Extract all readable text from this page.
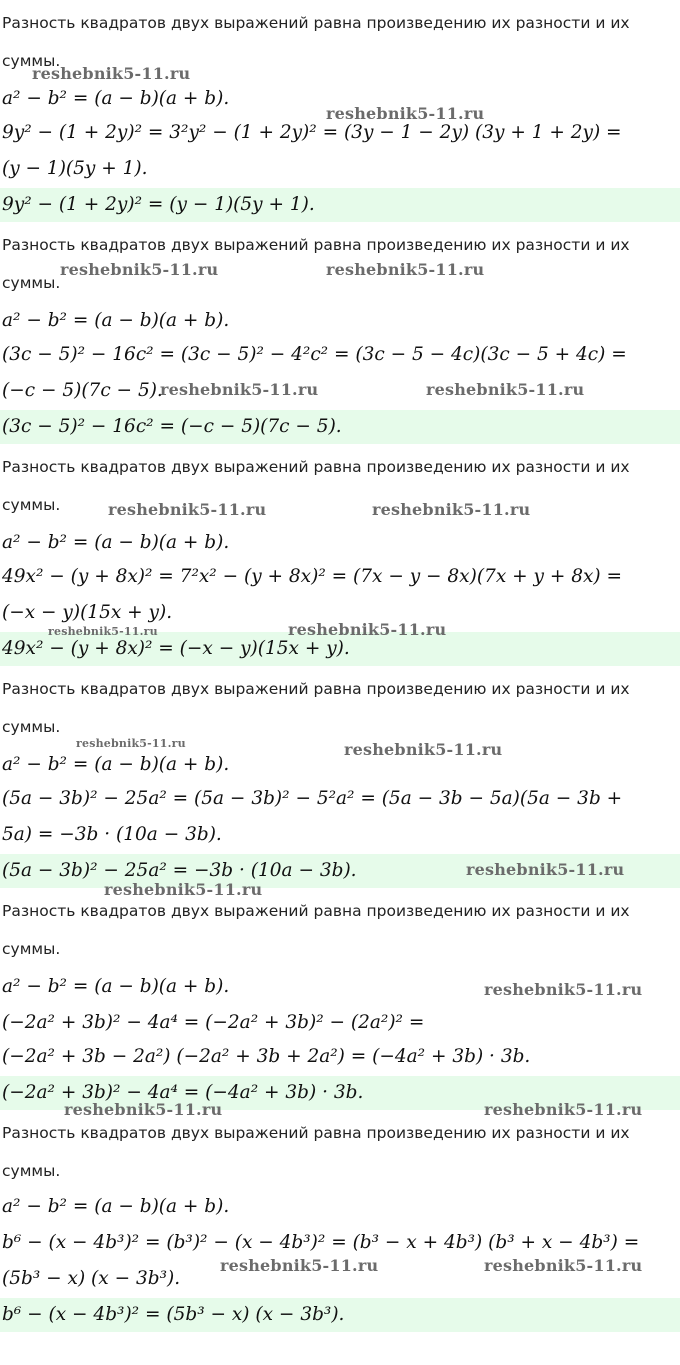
Разность квадратов двух выражений равна произведению их разности и их суммы.
a² − b² = (a − b)(a + b).
9y² − (1 + 2y)² = 3²y² − (1 + 2y)² = (3y − 1 − 2y) (3y + 1 + 2y) =
(y − 1)(5y + 1).
9y² − (1 + 2y)² = (y − 1)(5y + 1).
Разность квадратов двух выражений равна произведению их разности и их суммы.
a² − b² = (a − b)(a + b).
(3c − 5)² − 16c² = (3c − 5)² − 4²c² = (3c − 5 − 4c)(3c − 5 + 4c) =
(−c − 5)(7c − 5).
(3c − 5)² − 16c² = (−c − 5)(7c − 5).
Разность квадратов двух выражений равна произведению их разности и их суммы.
a² − b² = (a − b)(a + b).
49x² − (y + 8x)² = 7²x² − (y + 8x)² = (7x − y − 8x)(7x + y + 8x) =
(−x − y)(15x + y).
49x² − (y + 8x)² = (−x − y)(15x + y).
Разность квадратов двух выражений равна произведению их разности и их суммы.
a² − b² = (a − b)(a + b).
(5a − 3b)² − 25a² = (5a − 3b)² − 5²a² = (5a − 3b − 5a)(5a − 3b +
5a) = −3b · (10a − 3b).
(5a − 3b)² − 25a² = −3b · (10a − 3b).
Разность квадратов двух выражений равна произведению их разности и их суммы.
a² − b² = (a − b)(a + b).
(−2a² + 3b)² − 4a⁴ = (−2a² + 3b)² − (2a²)² =
(−2a² + 3b − 2a²) (−2a² + 3b + 2a²) = (−4a² + 3b) · 3b.
(−2a² + 3b)² − 4a⁴ = (−4a² + 3b) · 3b.
Разность квадратов двух выражений равна произведению их разности и их суммы.
a² − b² = (a − b)(a + b).
b⁶ − (x − 4b³)² = (b³)² − (x − 4b³)² = (b³ − x + 4b³) (b³ + x − 4b³) =
(5b³ − x) (x − 3b³).
b⁶ − (x − 4b³)² = (5b³ − x) (x − 3b³).
reshebnik5-11.ru
reshebnik5-11.ru
reshebnik5-11.ru	reshebnik5-11.ru
reshebnik5-11.ru	reshebnik5-11.ru
reshebnik5-11.ru	reshebnik5-11.ru
reshebnik5-11.ru	reshebnik5-11.ru
reshebnik5-11.ru	reshebnik5-11.ru
reshebnik5-11.ru
reshebnik5-11.ru
reshebnik5-11.ru
reshebnik5-11.ru	reshebnik5-11.ru
reshebnik5-11.ru	reshebnik5-11.ru
